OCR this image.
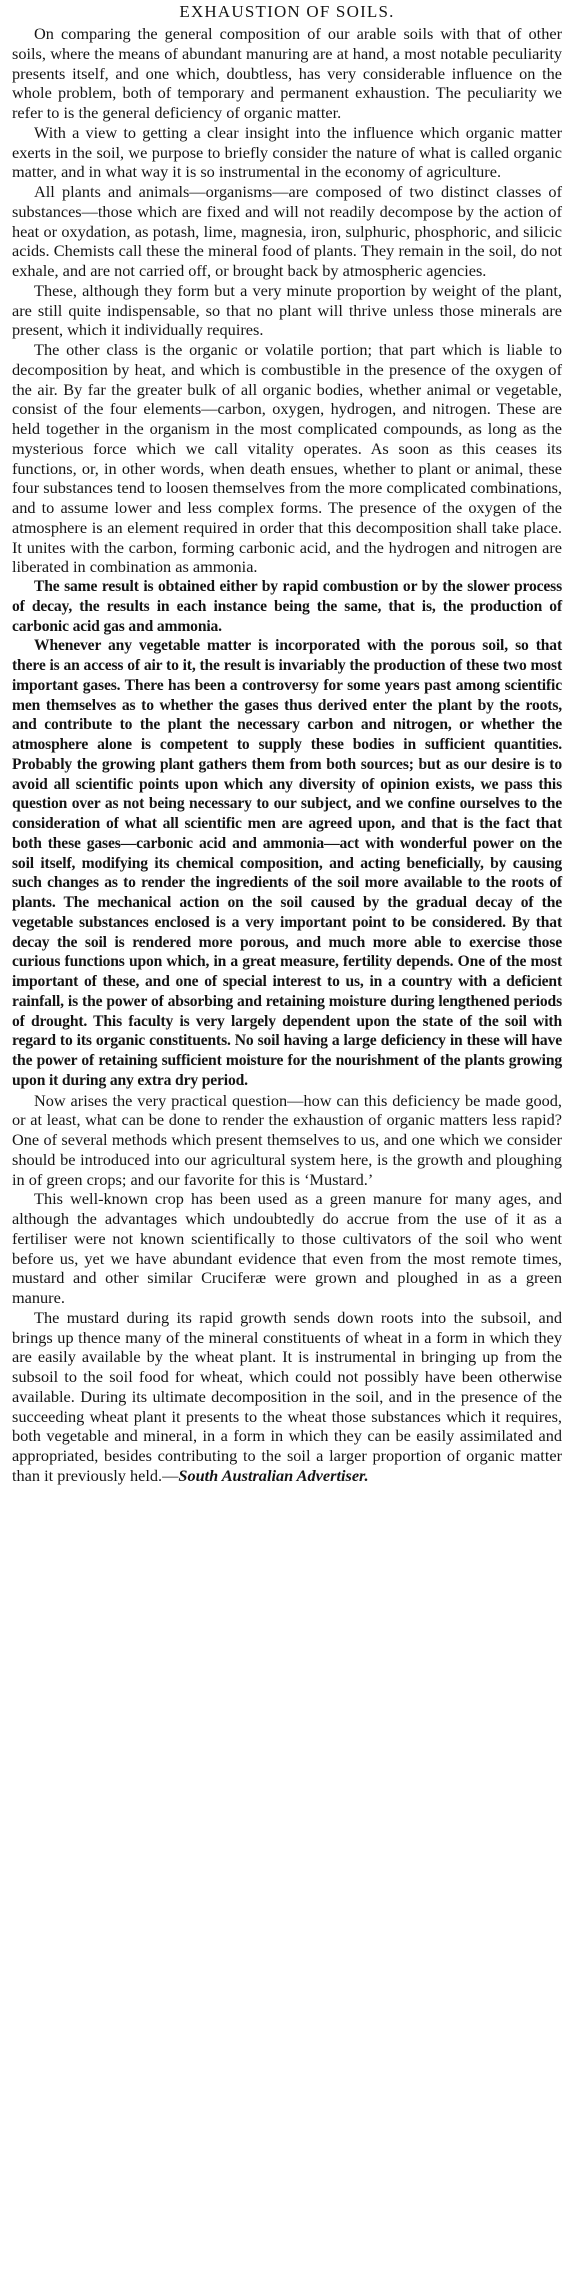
EXHAUSTION OF SOILS.

On comparing the general composition of our arable soils with that of other soils, where the means of abundant manuring are at hand, a most notable peculiarity presents itself, and one which, doubtless, has very considerable influence on the whole problem, both of temporary and permanent exhaustion. The peculiarity we refer to is the general deficiency of organic matter.

With a view to getting a clear insight into the influence which organic matter exerts in the soil, we purpose to briefly consider the nature of what is called organic matter, and in what way it is so instrumental in the economy of agriculture.

All plants and animals—organisms—are composed of two distinct classes of substances—those which are fixed and will not readily decompose by the action of heat or oxydation, as potash, lime, magnesia, iron, sulphuric, phosphoric, and silicic acids. Chemists call these the mineral food of plants. They remain in the soil, do not exhale, and are not carried off, or brought back by atmospheric agencies.

These, although they form but a very minute proportion by weight of the plant, are still quite indispensable, so that no plant will thrive unless those minerals are present, which it individually requires.

The other class is the organic or volatile portion; that part which is liable to decomposition by heat, and which is combustible in the presence of the oxygen of the air. By far the greater bulk of all organic bodies, whether animal or vegetable, consist of the four elements—carbon, oxygen, hydrogen, and nitrogen. These are held together in the organism in the most complicated compounds, as long as the mysterious force which we call vitality operates. As soon as this ceases its functions, or, in other words, when death ensues, whether to plant or animal, these four substances tend to loosen themselves from the more complicated combinations, and to assume lower and less complex forms. The presence of the oxygen of the atmosphere is an element required in order that this decomposition shall take place. It unites with the carbon, forming carbonic acid, and the hydrogen and nitrogen are liberated in combination as ammonia.

The same result is obtained either by rapid combustion or by the slower process of decay, the results in each instance being the same, that is, the production of carbonic acid gas and ammonia.

Whenever any vegetable matter is incorporated with the porous soil, so that there is an access of air to it, the result is invariably the production of these two most important gases. There has been a controversy for some years past among scientific men themselves as to whether the gases thus derived enter the plant by the roots, and contribute to the plant the necessary carbon and nitrogen, or whether the atmosphere alone is competent to supply these bodies in sufficient quantities. Probably the growing plant gathers them from both sources; but as our desire is to avoid all scientific points upon which any diversity of opinion exists, we pass this question over as not being necessary to our subject, and we confine ourselves to the consideration of what all scientific men are agreed upon, and that is the fact that both these gases—carbonic acid and ammonia—act with wonderful power on the soil itself, modifying its chemical composition, and acting beneficially, by causing such changes as to render the ingredients of the soil more available to the roots of plants. The mechanical action on the soil caused by the gradual decay of the vegetable substances enclosed is a very important point to be considered. By that decay the soil is rendered more porous, and much more able to exercise those curious functions upon which, in a great measure, fertility depends. One of the most important of these, and one of special interest to us, in a country with a deficient rainfall, is the power of absorbing and retaining moisture during lengthened periods of drought. This faculty is very largely dependent upon the state of the soil with regard to its organic constituents. No soil having a large deficiency in these will have the power of retaining sufficient moisture for the nourishment of the plants growing upon it during any extra dry period.

Now arises the very practical question—how can this deficiency be made good, or at least, what can be done to render the exhaustion of organic matters less rapid? One of several methods which present themselves to us, and one which we consider should be introduced into our agricultural system here, is the growth and ploughing in of green crops; and our favorite for this is ‘Mustard.’

This well-known crop has been used as a green manure for many ages, and although the advantages which undoubtedly do accrue from the use of it as a fertiliser were not known scientifically to those cultivators of the soil who went before us, yet we have abundant evidence that even from the most remote times, mustard and other similar Cruciferæ were grown and ploughed in as a green manure.

The mustard during its rapid growth sends down roots into the subsoil, and brings up thence many of the mineral constituents of wheat in a form in which they are easily available by the wheat plant. It is instrumental in bringing up from the subsoil to the soil food for wheat, which could not possibly have been otherwise available. During its ultimate decomposition in the soil, and in the presence of the succeeding wheat plant it presents to the wheat those substances which it requires, both vegetable and mineral, in a form in which they can be easily assimilated and appropriated, besides contributing to the soil a larger proportion of organic matter than it previously held.—South Australian Advertiser.
